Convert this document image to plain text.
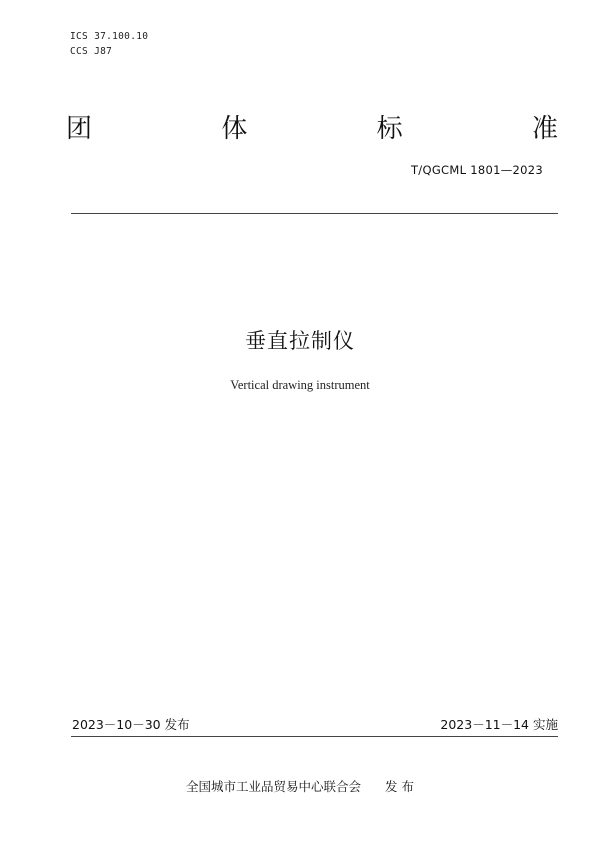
ICS 37.100.10
CCS J87
团	体	标	准
T/QGCML 1801—2023
垂直拉制仪
Vertical drawing instrument
2023－10－30 发布	2023－11－14 实施
全国城市工业品贸易中心联合会 发 布
